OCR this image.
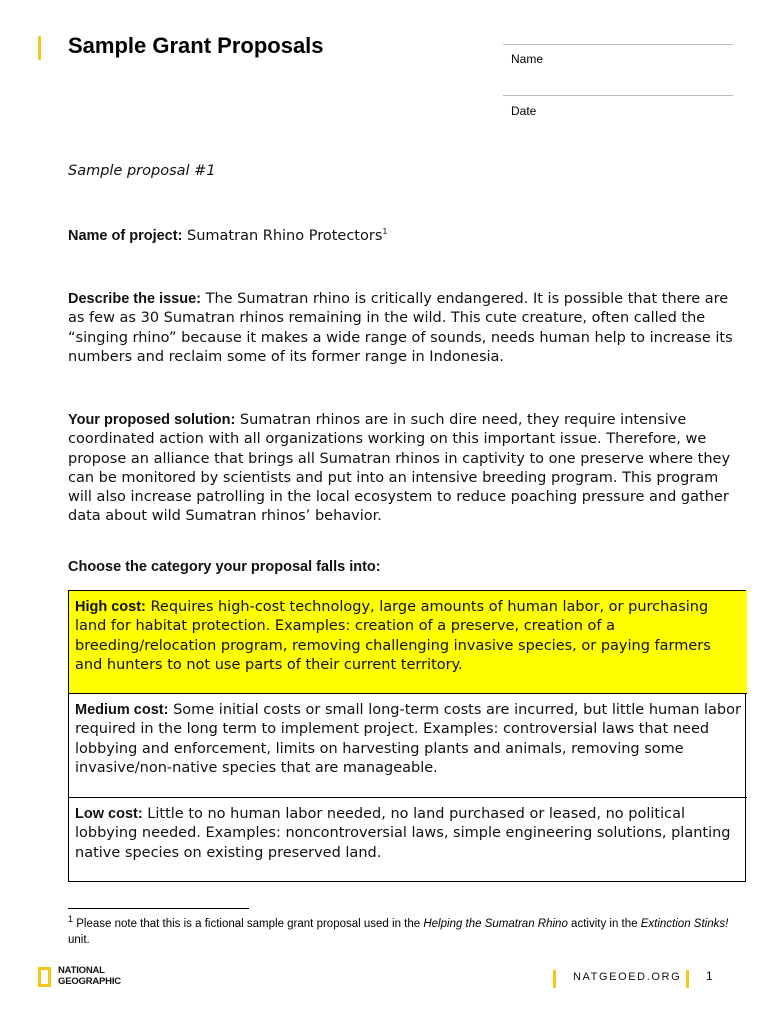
Sample Grant Proposals
Name
Date
Sample proposal #1
Name of project: Sumatran Rhino Protectors$^1$
Describe the issue: The Sumatran rhino is critically endangered. It is possible that there are as few as 30 Sumatran rhinos remaining in the wild. This cute creature, often called the “singing rhino” because it makes a wide range of sounds, needs human help to increase its numbers and reclaim some of its former range in Indonesia.
Your proposed solution: Sumatran rhinos are in such dire need, they require intensive coordinated action with all organizations working on this important issue. Therefore, we propose an alliance that brings all Sumatran rhinos in captivity to one preserve where they can be monitored by scientists and put into an intensive breeding program. This program will also increase patrolling in the local ecosystem to reduce poaching pressure and gather data about wild Sumatran rhinos’ behavior.
Choose the category your proposal falls into:
High cost: Requires high-cost technology, large amounts of human labor, or purchasing land for habitat protection. Examples: creation of a preserve, creation of a breeding/relocation program, removing challenging invasive species, or paying farmers and hunters to not use parts of their current territory.
Medium cost: Some initial costs or small long-term costs are incurred, but little human labor required in the long term to implement project. Examples: controversial laws that need lobbying and enforcement, limits on harvesting plants and animals, removing some invasive/non-native species that are manageable.
Low cost: Little to no human labor needed, no land purchased or leased, no political lobbying needed. Examples: noncontroversial laws, simple engineering solutions, planting native species on existing preserved land.
$^1$ Please note that this is a fictional sample grant proposal used in the Helping the Sumatran Rhino activity in the Extinction Stinks! unit.
NATIONAL
GEOGRAPHIC	NATGEOED.ORG 1
